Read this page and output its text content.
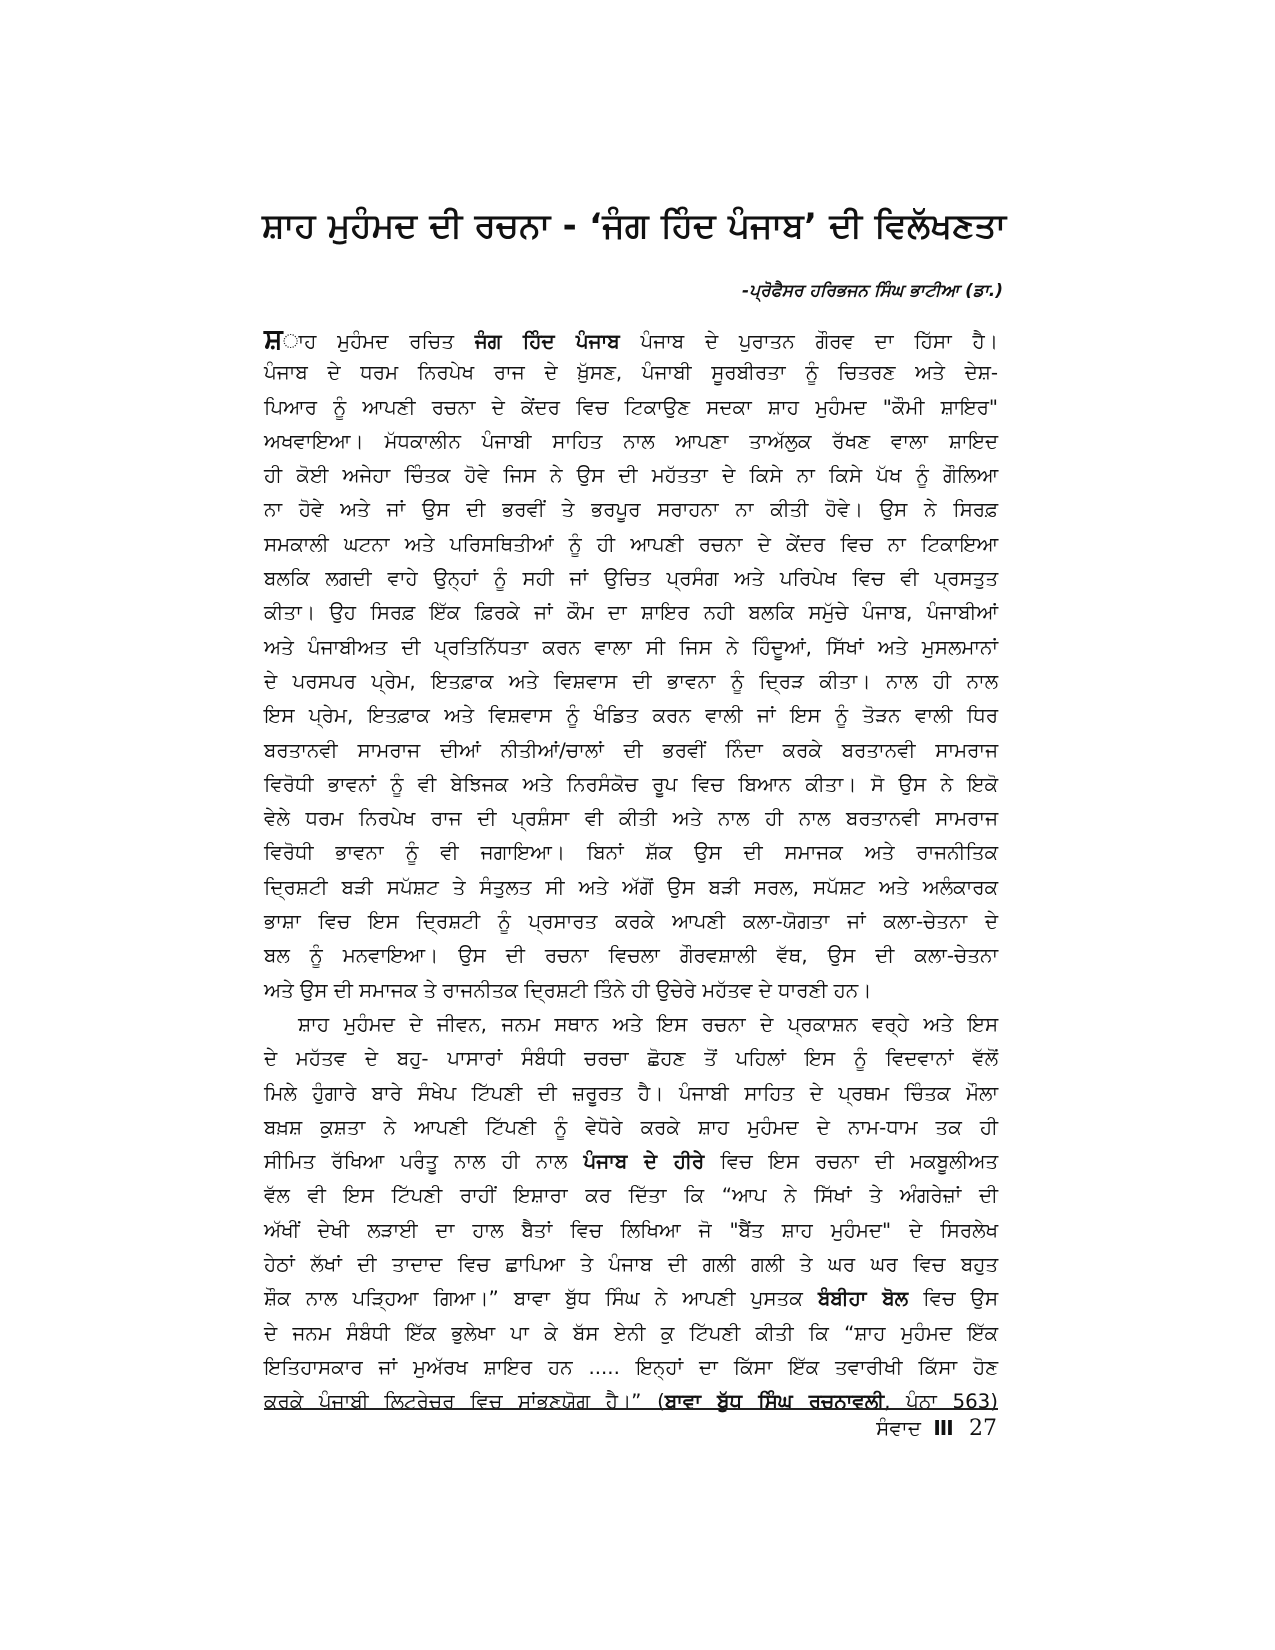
ਸ਼ਾਹ ਮੁਹੰਮਦ ਦੀ ਰਚਨਾ - ‘ਜੰਗ ਹਿੰਦ ਪੰਜਾਬ’ ਦੀ ਵਿਲੱਖਣਤਾ
-ਪ੍ਰੋਫੈਸਰ ਹਰਿਭਜਨ ਸਿੰਘ ਭਾਟੀਆ (ਡਾ.)
ਸ਼ਾਹ ਮੁਹੰਮਦ ਰਚਿਤ ਜੰਗ ਹਿੰਦ ਪੰਜਾਬ ਪੰਜਾਬ ਦੇ ਪੁਰਾਤਨ ਗੌਰਵ ਦਾ ਹਿੱਸਾ ਹੈ।
ਪੰਜਾਬ ਦੇ ਧਰਮ ਨਿਰਪੇਖ ਰਾਜ ਦੇ ਖ਼ੁੱਸਣ, ਪੰਜਾਬੀ ਸੂਰਬੀਰਤਾ ਨੂੰ ਚਿਤਰਣ ਅਤੇ ਦੇਸ਼-
ਪਿਆਰ ਨੂੰ ਆਪਣੀ ਰਚਨਾ ਦੇ ਕੇਂਦਰ ਵਿਚ ਟਿਕਾਉਣ ਸਦਕਾ ਸ਼ਾਹ ਮੁਹੰਮਦ "ਕੌਮੀ ਸ਼ਾਇਰ"
ਅਖਵਾਇਆ। ਮੱਧਕਾਲੀਨ ਪੰਜਾਬੀ ਸਾਹਿਤ ਨਾਲ ਆਪਣਾ ਤਾਅੱਲੁਕ ਰੱਖਣ ਵਾਲਾ ਸ਼ਾਇਦ
ਹੀ ਕੋਈ ਅਜੇਹਾ ਚਿੰਤਕ ਹੋਵੇ ਜਿਸ ਨੇ ਉਸ ਦੀ ਮਹੱਤਤਾ ਦੇ ਕਿਸੇ ਨਾ ਕਿਸੇ ਪੱਖ ਨੂੰ ਗੌਲਿਆ
ਨਾ ਹੋਵੇ ਅਤੇ ਜਾਂ ਉਸ ਦੀ ਭਰਵੀਂ ਤੇ ਭਰਪੂਰ ਸਰਾਹਨਾ ਨਾ ਕੀਤੀ ਹੋਵੇ। ਉਸ ਨੇ ਸਿਰਫ਼
ਸਮਕਾਲੀ ਘਟਨਾ ਅਤੇ ਪਰਿਸਥਿਤੀਆਂ ਨੂੰ ਹੀ ਆਪਣੀ ਰਚਨਾ ਦੇ ਕੇਂਦਰ ਵਿਚ ਨਾ ਟਿਕਾਇਆ
ਬਲਕਿ ਲਗਦੀ ਵਾਹੇ ਉਨ੍ਹਾਂ ਨੂੰ ਸਹੀ ਜਾਂ ਉਚਿਤ ਪ੍ਰਸੰਗ ਅਤੇ ਪਰਿਪੇਖ ਵਿਚ ਵੀ ਪ੍ਰਸਤੁਤ
ਕੀਤਾ। ਉਹ ਸਿਰਫ਼ ਇੱਕ ਫ਼ਿਰਕੇ ਜਾਂ ਕੌਮ ਦਾ ਸ਼ਾਇਰ ਨਹੀ ਬਲਕਿ ਸਮੁੱਚੇ ਪੰਜਾਬ, ਪੰਜਾਬੀਆਂ
ਅਤੇ ਪੰਜਾਬੀਅਤ ਦੀ ਪ੍ਰਤਿਨਿੱਧਤਾ ਕਰਨ ਵਾਲਾ ਸੀ ਜਿਸ ਨੇ ਹਿੰਦੂਆਂ, ਸਿੱਖਾਂ ਅਤੇ ਮੁਸਲਮਾਨਾਂ
ਦੇ ਪਰਸਪਰ ਪ੍ਰੇਮ, ਇਤਫ਼ਾਕ ਅਤੇ ਵਿਸ਼ਵਾਸ ਦੀ ਭਾਵਨਾ ਨੂੰ ਦ੍ਰਿੜ ਕੀਤਾ। ਨਾਲ ਹੀ ਨਾਲ
ਇਸ ਪ੍ਰੇਮ, ਇਤਫ਼ਾਕ ਅਤੇ ਵਿਸ਼ਵਾਸ ਨੂੰ ਖੰਡਿਤ ਕਰਨ ਵਾਲੀ ਜਾਂ ਇਸ ਨੂੰ ਤੋੜਨ ਵਾਲੀ ਧਿਰ
ਬਰਤਾਨਵੀ ਸਾਮਰਾਜ ਦੀਆਂ ਨੀਤੀਆਂ/ਚਾਲਾਂ ਦੀ ਭਰਵੀਂ ਨਿੰਦਾ ਕਰਕੇ ਬਰਤਾਨਵੀ ਸਾਮਰਾਜ
ਵਿਰੋਧੀ ਭਾਵਨਾਂ ਨੂੰ ਵੀ ਬੇਝਿਜਕ ਅਤੇ ਨਿਰਸੰਕੋਚ ਰੂਪ ਵਿਚ ਬਿਆਨ ਕੀਤਾ। ਸੋ ਉਸ ਨੇ ਇਕੋ
ਵੇਲੇ ਧਰਮ ਨਿਰਪੇਖ ਰਾਜ ਦੀ ਪ੍ਰਸ਼ੰਸਾ ਵੀ ਕੀਤੀ ਅਤੇ ਨਾਲ ਹੀ ਨਾਲ ਬਰਤਾਨਵੀ ਸਾਮਰਾਜ
ਵਿਰੋਧੀ ਭਾਵਨਾ ਨੂੰ ਵੀ ਜਗਾਇਆ। ਬਿਨਾਂ ਸ਼ੱਕ ਉਸ ਦੀ ਸਮਾਜਕ ਅਤੇ ਰਾਜਨੀਤਿਕ
ਦ੍ਰਿਸ਼ਟੀ ਬੜੀ ਸਪੱਸ਼ਟ ਤੇ ਸੰਤੁਲਤ ਸੀ ਅਤੇ ਅੱਗੋਂ ਉਸ ਬੜੀ ਸਰਲ, ਸਪੱਸ਼ਟ ਅਤੇ ਅਲੰਕਾਰਕ
ਭਾਸ਼ਾ ਵਿਚ ਇਸ ਦ੍ਰਿਸ਼ਟੀ ਨੂੰ ਪ੍ਰਸਾਰਤ ਕਰਕੇ ਆਪਣੀ ਕਲਾ-ਯੋਗਤਾ ਜਾਂ ਕਲਾ-ਚੇਤਨਾ ਦੇ
ਬਲ ਨੂੰ ਮਨਵਾਇਆ। ਉਸ ਦੀ ਰਚਨਾ ਵਿਚਲਾ ਗੌਰਵਸ਼ਾਲੀ ਵੱਥ, ਉਸ ਦੀ ਕਲਾ-ਚੇਤਨਾ
ਅਤੇ ਉਸ ਦੀ ਸਮਾਜਕ ਤੇ ਰਾਜਨੀਤਕ ਦ੍ਰਿਸ਼ਟੀ ਤਿੰਨੇ ਹੀ ਉਚੇਰੇ ਮਹੱਤਵ ਦੇ ਧਾਰਣੀ ਹਨ।
ਸ਼ਾਹ ਮੁਹੰਮਦ ਦੇ ਜੀਵਨ, ਜਨਮ ਸਥਾਨ ਅਤੇ ਇਸ ਰਚਨਾ ਦੇ ਪ੍ਰਕਾਸ਼ਨ ਵਰ੍ਹੇ ਅਤੇ ਇਸ
ਦੇ ਮਹੱਤਵ ਦੇ ਬਹੁ- ਪਾਸਾਰਾਂ ਸੰਬੰਧੀ ਚਰਚਾ ਛੋਹਣ ਤੋਂ ਪਹਿਲਾਂ ਇਸ ਨੂੰ ਵਿਦਵਾਨਾਂ ਵੱਲੋਂ
ਮਿਲੇ ਹੁੰਗਾਰੇ ਬਾਰੇ ਸੰਖੇਪ ਟਿੱਪਣੀ ਦੀ ਜ਼ਰੂਰਤ ਹੈ। ਪੰਜਾਬੀ ਸਾਹਿਤ ਦੇ ਪ੍ਰਥਮ ਚਿੰਤਕ ਮੌਲਾ
ਬਖ਼ਸ਼ ਕੁਸ਼ਤਾ ਨੇ ਆਪਣੀ ਟਿੱਪਣੀ ਨੂੰ ਵੇਧੋਰੇ ਕਰਕੇ ਸ਼ਾਹ ਮੁਹੰਮਦ ਦੇ ਨਾਮ-ਧਾਮ ਤਕ ਹੀ
ਸੀਮਿਤ ਰੱਖਿਆ ਪਰੰਤੂ ਨਾਲ ਹੀ ਨਾਲ ਪੰਜਾਬ ਦੇ ਹੀਰੇ ਵਿਚ ਇਸ ਰਚਨਾ ਦੀ ਮਕਬੂਲੀਅਤ
ਵੱਲ ਵੀ ਇਸ ਟਿੱਪਣੀ ਰਾਹੀਂ ਇਸ਼ਾਰਾ ਕਰ ਦਿੱਤਾ ਕਿ “ਆਪ ਨੇ ਸਿੱਖਾਂ ਤੇ ਅੰਗਰੇਜ਼ਾਂ ਦੀ
ਅੱਖੀਂ ਦੇਖੀ ਲੜਾਈ ਦਾ ਹਾਲ ਬੈਤਾਂ ਵਿਚ ਲਿਖਿਆ ਜੋ "ਬੈਂਤ ਸ਼ਾਹ ਮੁਹੰਮਦ" ਦੇ ਸਿਰਲੇਖ
ਹੇਠਾਂ ਲੱਖਾਂ ਦੀ ਤਾਦਾਦ ਵਿਚ ਛਾਪਿਆ ਤੇ ਪੰਜਾਬ ਦੀ ਗਲੀ ਗਲੀ ਤੇ ਘਰ ਘਰ ਵਿਚ ਬਹੁਤ
ਸ਼ੌਕ ਨਾਲ ਪੜ੍ਹਿਆ ਗਿਆ।” ਬਾਵਾ ਬੁੱਧ ਸਿੰਘ ਨੇ ਆਪਣੀ ਪੁਸਤਕ ਬੰਬੀਹਾ ਬੋਲ ਵਿਚ ਉਸ
ਦੇ ਜਨਮ ਸੰਬੰਧੀ ਇੱਕ ਭੁਲੇਖਾ ਪਾ ਕੇ ਬੱਸ ਏਨੀ ਕੁ ਟਿੱਪਣੀ ਕੀਤੀ ਕਿ “ਸ਼ਾਹ ਮੁਹੰਮਦ ਇੱਕ
ਇਤਿਹਾਸਕਾਰ ਜਾਂ ਮੁਅੱਰਖ ਸ਼ਾਇਰ ਹਨ ..... ਇਨ੍ਹਾਂ ਦਾ ਕਿੱਸਾ ਇੱਕ ਤਵਾਰੀਖੀ ਕਿੱਸਾ ਹੋਣ
ਕਰਕੇ ਪੰਜਾਬੀ ਲਿਟਰੇਚਰ ਵਿਚ ਸਾਂਭਣਯੋਗ ਹੈ।” (ਬਾਵਾ ਬੁੱਧ ਸਿੰਘ ਰਚਨਾਵਲੀ, ਪੰਨਾ 563)
ਸੰਵਾਦ III 27
